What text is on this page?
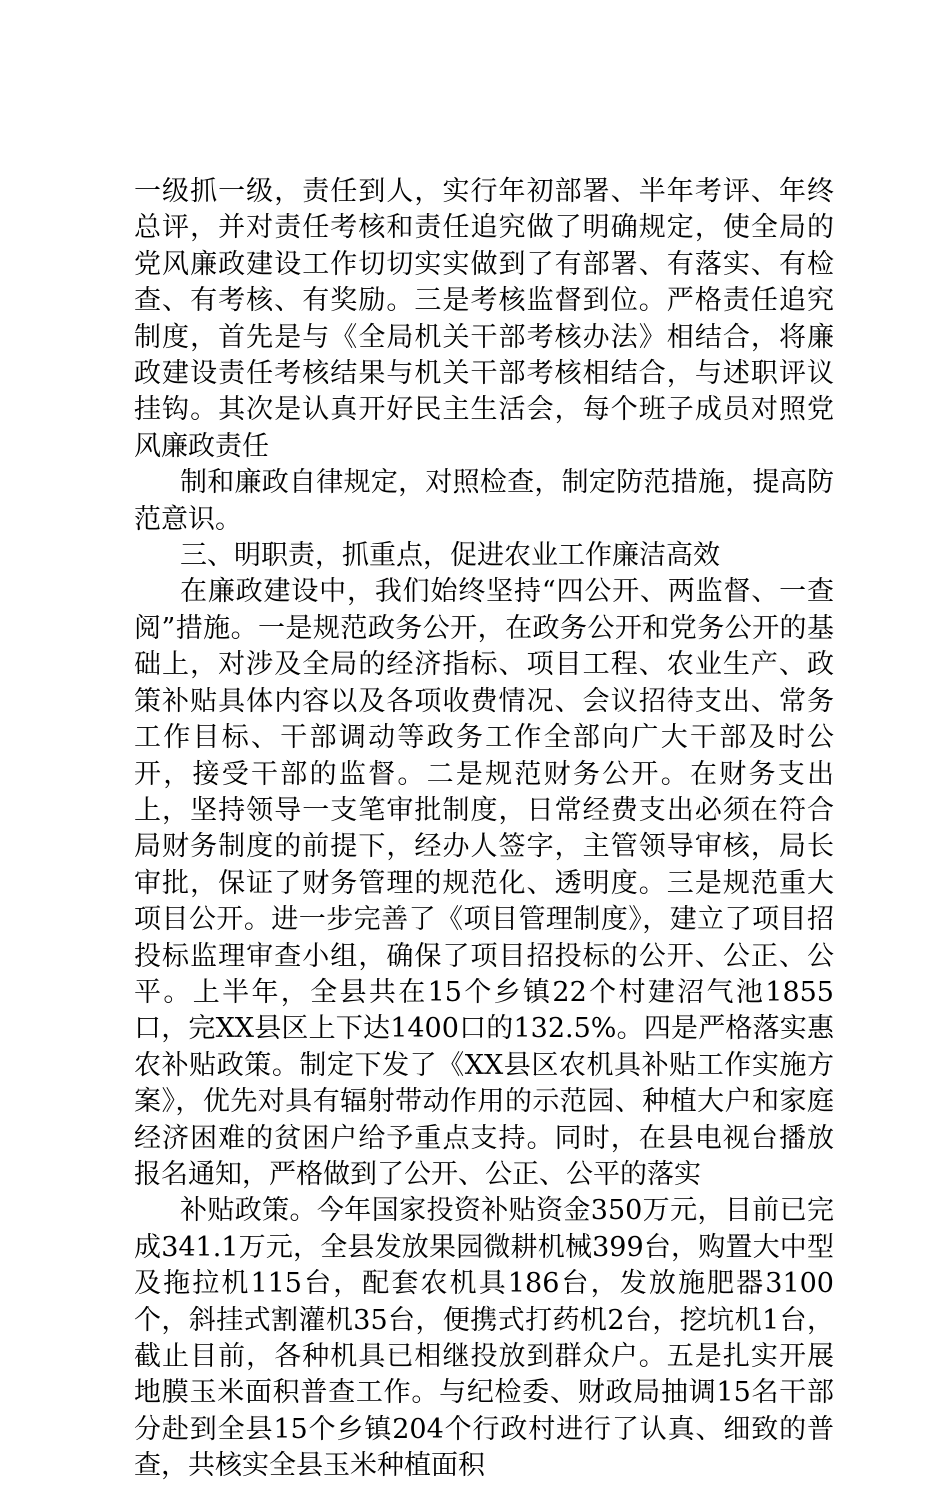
一级抓一级，责任到人，实行年初部署、半年考评、年终总评，并对责任考核和责任追究做了明确规定，使全局的党风廉政建设工作切切实实做到了有部署、有落实、有检查、有考核、有奖励。三是考核监督到位。严格责任追究制度，首先是与《全局机关干部考核办法》相结合，将廉政建设责任考核结果与机关干部考核相结合，与述职评议挂钩。其次是认真开好民主生活会，每个班子成员对照党风廉政责任

制和廉政自律规定，对照检查，制定防范措施，提高防范意识。

三、明职责，抓重点，促进农业工作廉洁高效

在廉政建设中，我们始终坚持“四公开、两监督、一查阅”措施。一是规范政务公开，在政务公开和党务公开的基础上，对涉及全局的经济指标、项目工程、农业生产、政策补贴具体内容以及各项收费情况、会议招待支出、常务工作目标、干部调动等政务工作全部向广大干部及时公开，接受干部的监督。二是规范财务公开。在财务支出上，坚持领导一支笔审批制度，日常经费支出必须在符合局财务制度的前提下，经办人签字，主管领导审核，局长审批，保证了财务管理的规范化、透明度。三是规范重大项目公开。进一步完善了《项目管理制度》，建立了项目招投标监理审查小组，确保了项目招投标的公开、公正、公平。上半年，全县共在15个乡镇22个村建沼气池1855口，完XX县区上下达1400口的132.5%。四是严格落实惠农补贴政策。制定下发了《XX县区农机具补贴工作实施方案》，优先对具有辐射带动作用的示范园、种植大户和家庭经济困难的贫困户给予重点支持。同时，在县电视台播放报名通知，严格做到了公开、公正、公平的落实

补贴政策。今年国家投资补贴资金350万元，目前已完成341.1万元，全县发放果园微耕机械399台，购置大中型及拖拉机115台，配套农机具186台，发放施肥器3100个，斜挂式割灌机35台，便携式打药机2台，挖坑机1台，截止目前，各种机具已相继投放到群众户。五是扎实开展地膜玉米面积普查工作。与纪检委、财政局抽调15名干部分赴到全县15个乡镇204个行政村进行了认真、细致的普查，共核实全县玉米种植面积
